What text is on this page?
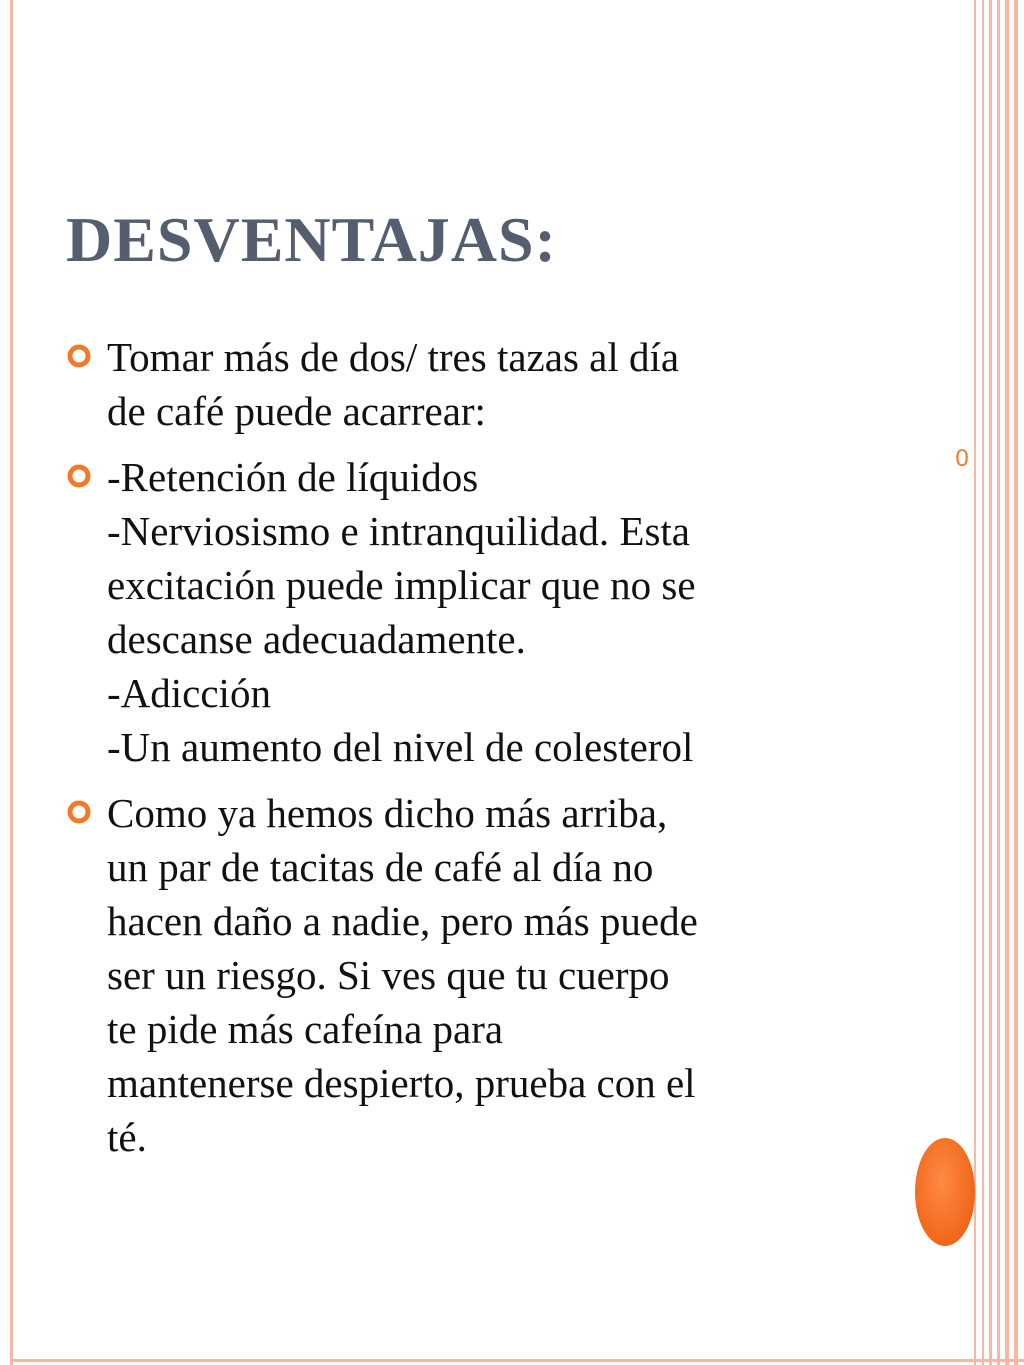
DESVENTAJAS:
Tomar más de dos/ tres tazas al día
de café puede acarrear:
-Retención de líquidos
-Nerviosismo e intranquilidad. Esta
excitación puede implicar que no se
descanse adecuadamente.
-Adicción
-Un aumento del nivel de colesterol
Como ya hemos dicho más arriba,
un par de tacitas de café al día no
hacen daño a nadie, pero más puede
ser un riesgo. Si ves que tu cuerpo
te pide más cafeína para
mantenerse despierto, prueba con el
té.
0
